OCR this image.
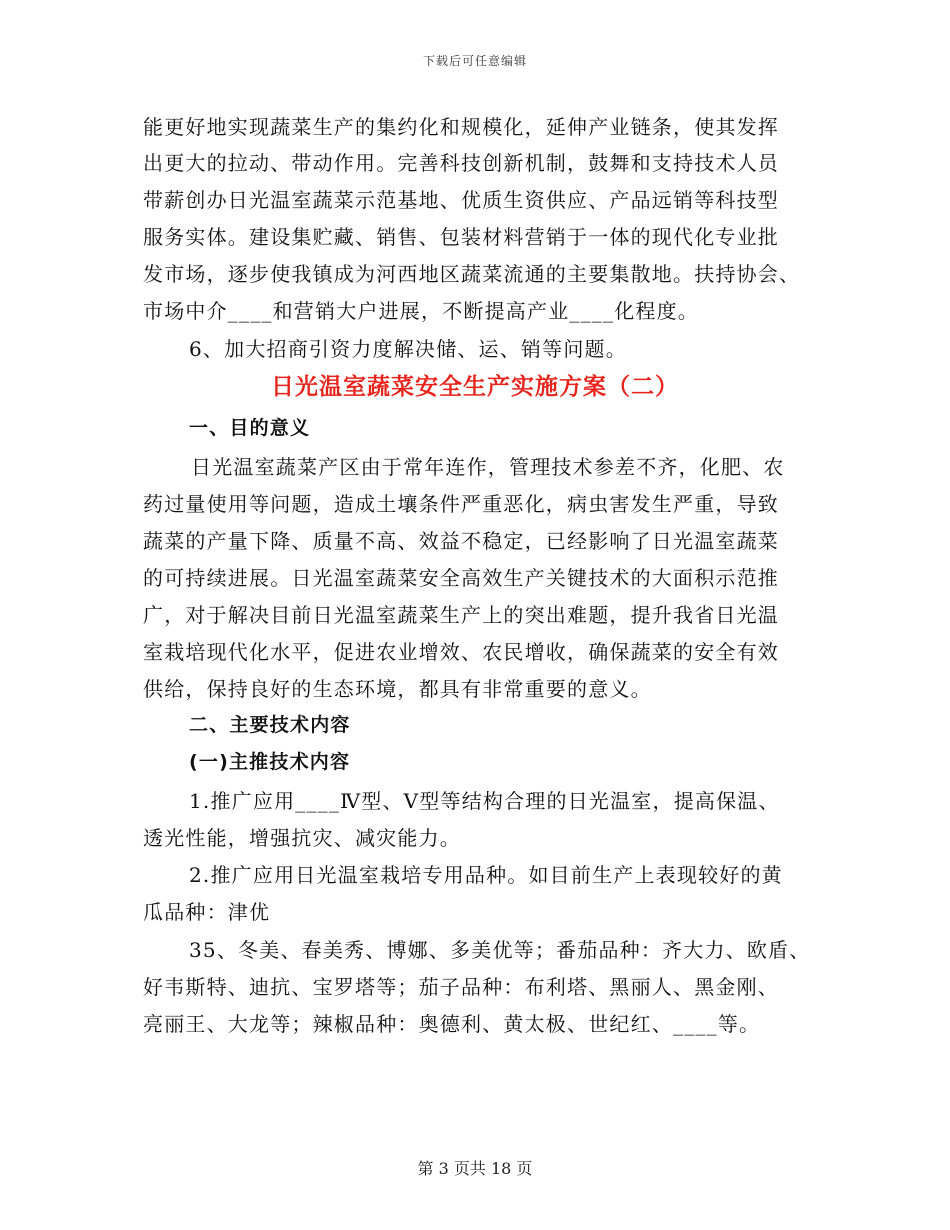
下载后可任意编辑
能更好地实现蔬菜生产的集约化和规模化，延伸产业链条，使其发挥
出更大的拉动、带动作用。完善科技创新机制，鼓舞和支持技术人员
带薪创办日光温室蔬菜示范基地、优质生资供应、产品远销等科技型
服务实体。建设集贮藏、销售、包装材料营销于一体的现代化专业批
发市场，逐步使我镇成为河西地区蔬菜流通的主要集散地。扶持协会、
市场中介____和营销大户进展，不断提高产业____化程度。
6、加大招商引资力度解决储、运、销等问题。
日光温室蔬菜安全生产实施方案（二）
一、目的意义
日光温室蔬菜产区由于常年连作，管理技术参差不齐，化肥、农
药过量使用等问题，造成土壤条件严重恶化，病虫害发生严重，导致
蔬菜的产量下降、质量不高、效益不稳定，已经影响了日光温室蔬菜
的可持续进展。日光温室蔬菜安全高效生产关键技术的大面积示范推
广，对于解决目前日光温室蔬菜生产上的突出难题，提升我省日光温
室栽培现代化水平，促进农业增效、农民增收，确保蔬菜的安全有效
供给，保持良好的生态环境，都具有非常重要的意义。
二、主要技术内容
(一)主推技术内容
1.推广应用____Ⅳ型、Ⅴ型等结构合理的日光温室，提高保温、
透光性能，增强抗灾、减灾能力。
2.推广应用日光温室栽培专用品种。如目前生产上表现较好的黄
瓜品种：津优
35、冬美、春美秀、博娜、多美优等；番茄品种：齐大力、欧盾、
好韦斯特、迪抗、宝罗塔等；茄子品种：布利塔、黑丽人、黑金刚、
亮丽王、大龙等；辣椒品种：奥德利、黄太极、世纪红、____等。
第 3 页共 18 页
